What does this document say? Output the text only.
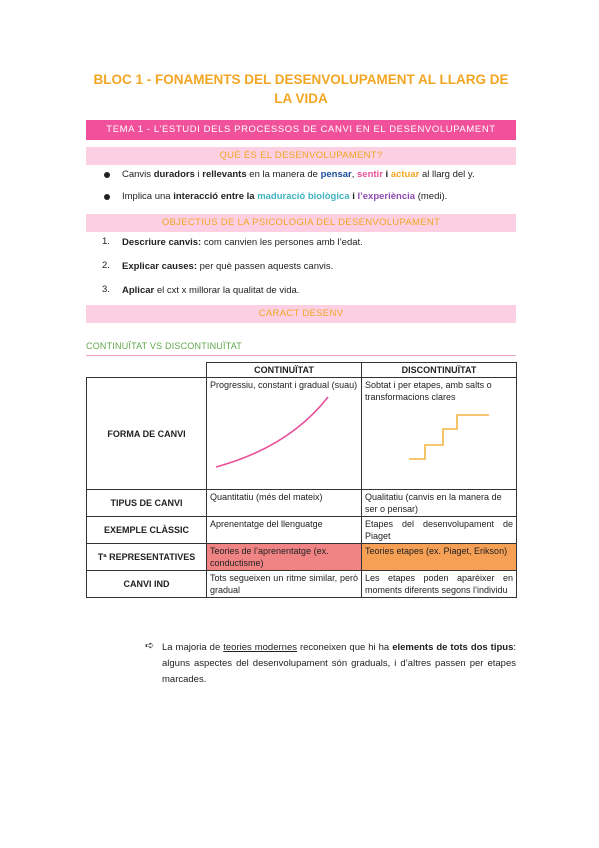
BLOC 1 - FONAMENTS DEL DESENVOLUPAMENT AL LLARG DE LA VIDA
TEMA 1 - L’ESTUDI DELS PROCESSOS DE CANVI EN EL DESENVOLUPAMENT
QUÈ ÉS EL DESENVOLUPAMENT?
Canvis duradors i rellevants en la manera de pensar, sentir i actuar al llarg del y.
Implica una interacció entre la maduració biològica i l’experiència (medi).
OBJECTIUS DE LA PSICOLOGIA DEL DESENVOLUPAMENT
1. Descriure canvis: com canvien les persones amb l’edat.
2. Explicar causes: per què passen aquests canvis.
3. Aplicar el cxt x millorar la qualitat de vida.
CARACT DESENV
CONTINUÏTAT VS DISCONTINUÏTAT
	CONTINUÏTAT	DISCONTINUÏTAT
FORMA DE CANVI	Progressiu, constant i gradual (suau)	Sobtat i per etapes, amb salts o transformacions clares

TIPUS DE CANVI	Quantitatiu (més del mateix)	Qualitatiu (canvis en la manera de ser o pensar)
EXEMPLE CLÀSSIC	Aprenentatge del llenguatge	Etapes del desenvolupament de Piaget
Tª REPRESENTATIVES	Teories de l’aprenentatge (ex. conductisme)	Teories etapes (ex. Piaget, Erikson)
CANVI IND	Tots segueixen un ritme similar, però gradual	Les etapes poden aparèixer en moments diferents segons l’individu
➪ La majoria de teories modernes reconeixen que hi ha elements de tots dos tipus: alguns aspectes del desenvolupament són graduals, i d’altres passen per etapes marcades.
